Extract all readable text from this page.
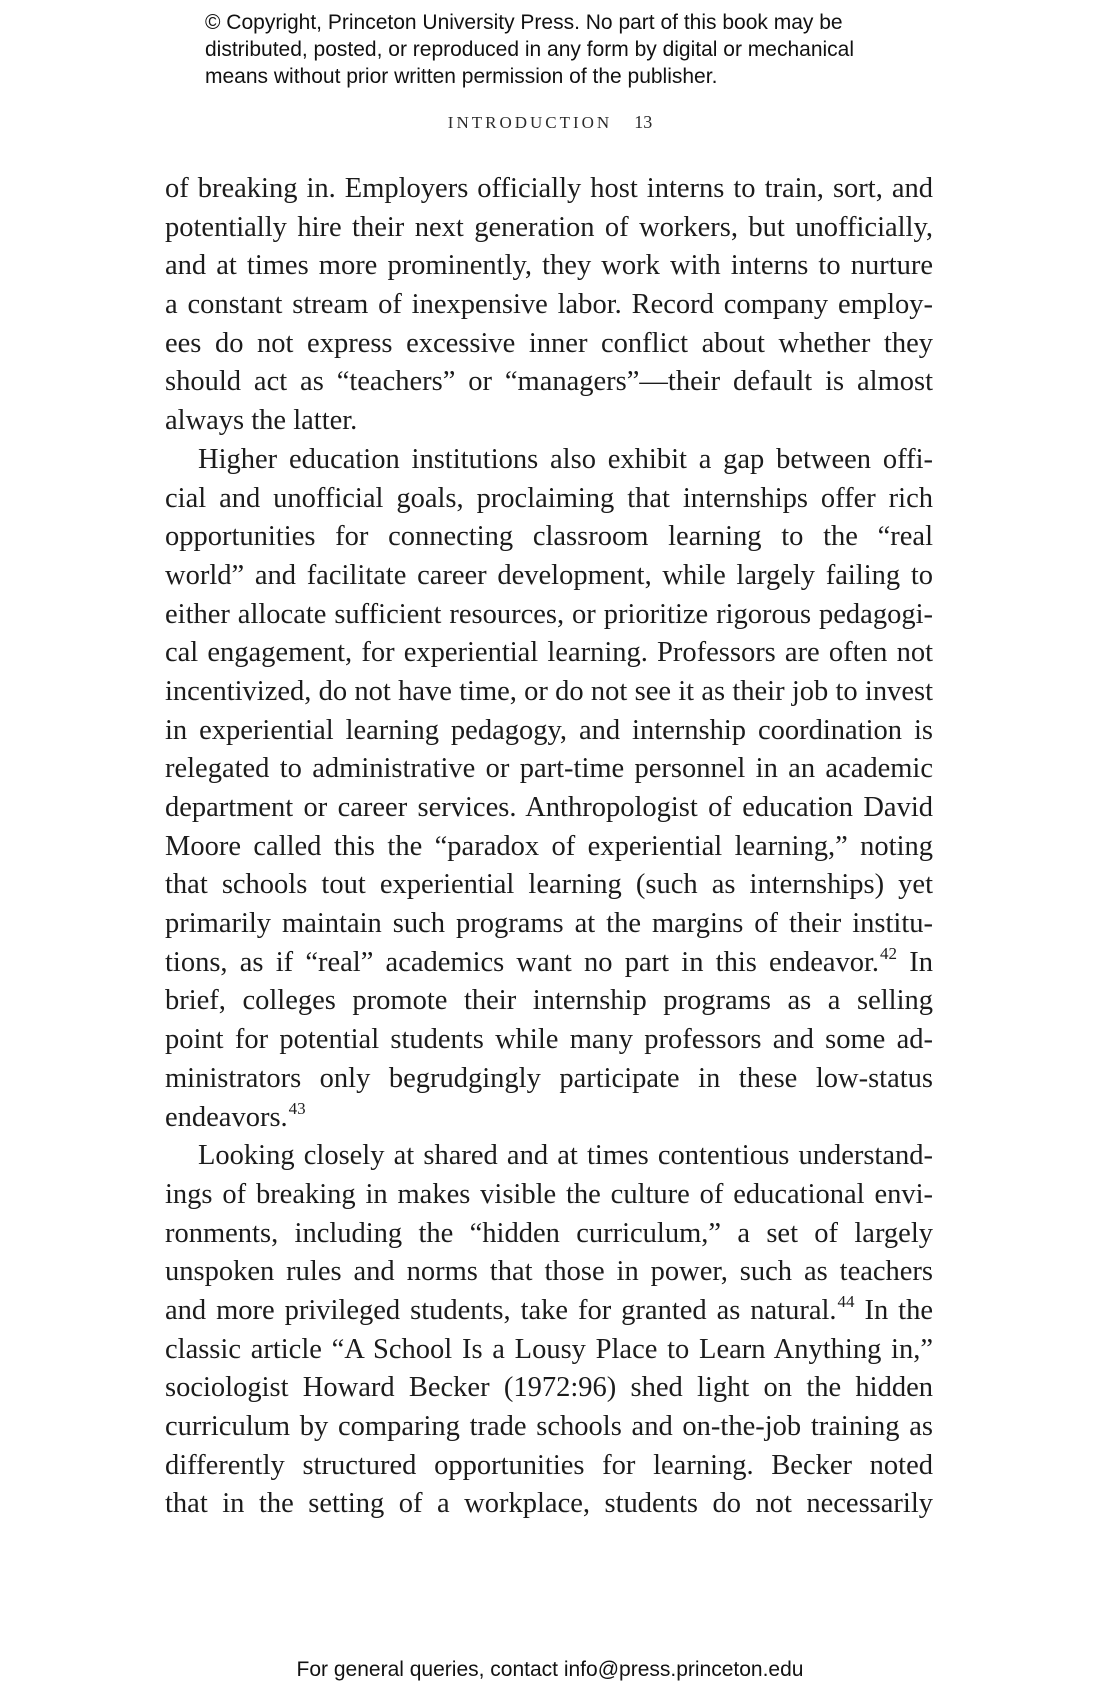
© Copyright, Princeton University Press. No part of this book may be
distributed, posted, or reproduced in any form by digital or mechanical
means without prior written permission of the publisher.
INTRODUCTION 13
of breaking in. Employers officially host interns to train, sort, and
potentially hire their next generation of workers, but unofficially,
and at times more prominently, they work with interns to nurture
a constant stream of inexpensive labor. Record company employ-
ees do not express excessive inner conflict about whether they
should act as “teachers” or “managers”—their default is almost
always the latter.
Higher education institutions also exhibit a gap between offi-
cial and unofficial goals, proclaiming that internships offer rich
opportunities for connecting classroom learning to the “real
world” and facilitate career development, while largely failing to
either allocate sufficient resources, or prioritize rigorous pedagogi-
cal engagement, for experiential learning. Professors are often not
incentivized, do not have time, or do not see it as their job to invest
in experiential learning pedagogy, and internship coordination is
relegated to administrative or part-time personnel in an academic
department or career services. Anthropologist of education David
Moore called this the “paradox of experiential learning,” noting
that schools tout experiential learning (such as internships) yet
primarily maintain such programs at the margins of their institu-
tions, as if “real” academics want no part in this endeavor.$^{42}$ In
brief, colleges promote their internship programs as a selling
point for potential students while many professors and some ad-
ministrators only begrudgingly participate in these low-status
endeavors.$^{43}$
Looking closely at shared and at times contentious understand-
ings of breaking in makes visible the culture of educational envi-
ronments, including the “hidden curriculum,” a set of largely
unspoken rules and norms that those in power, such as teachers
and more privileged students, take for granted as natural.$^{44}$ In the
classic article “A School Is a Lousy Place to Learn Anything in,”
sociologist Howard Becker (1972:96) shed light on the hidden
curriculum by comparing trade schools and on-the-job training as
differently structured opportunities for learning. Becker noted
that in the setting of a workplace, students do not necessarily
For general queries, contact info@press.princeton.edu
